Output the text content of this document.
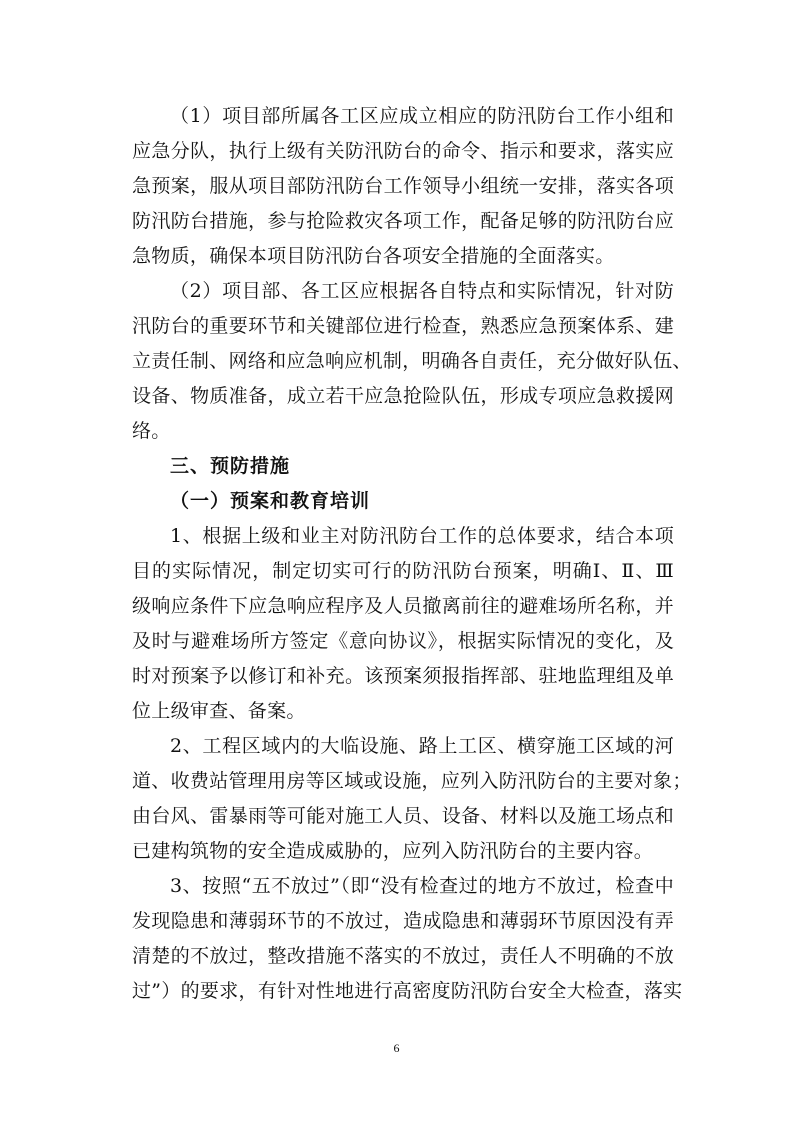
（1）项目部所属各工区应成立相应的防汛防台工作小组和
应急分队，执行上级有关防汛防台的命令、指示和要求，落实应
急预案，服从项目部防汛防台工作领导小组统一安排，落实各项
防汛防台措施，参与抢险救灾各项工作，配备足够的防汛防台应
急物质，确保本项目防汛防台各项安全措施的全面落实。
（2）项目部、各工区应根据各自特点和实际情况，针对防
汛防台的重要环节和关键部位进行检查，熟悉应急预案体系、建
立责任制、网络和应急响应机制，明确各自责任，充分做好队伍、
设备、物质准备，成立若干应急抢险队伍，形成专项应急救援网
络。
三、预防措施
（一）预案和教育培训
1、根据上级和业主对防汛防台工作的总体要求，结合本项
目的实际情况，制定切实可行的防汛防台预案，明确Ⅰ、Ⅱ、Ⅲ
级响应条件下应急响应程序及人员撤离前往的避难场所名称，并
及时与避难场所方签定《意向协议》，根据实际情况的变化，及
时对预案予以修订和补充。该预案须报指挥部、驻地监理组及单
位上级审查、备案。
2、工程区域内的大临设施、路上工区、横穿施工区域的河
道、收费站管理用房等区域或设施，应列入防汛防台的主要对象；
由台风、雷暴雨等可能对施工人员、设备、材料以及施工场点和
已建构筑物的安全造成威胁的，应列入防汛防台的主要内容。
3、按照“五不放过”（即“没有检查过的地方不放过，检查中
发现隐患和薄弱环节的不放过，造成隐患和薄弱环节原因没有弄
清楚的不放过，整改措施不落实的不放过，责任人不明确的不放
过”）的要求，有针对性地进行高密度防汛防台安全大检查，落实
6
